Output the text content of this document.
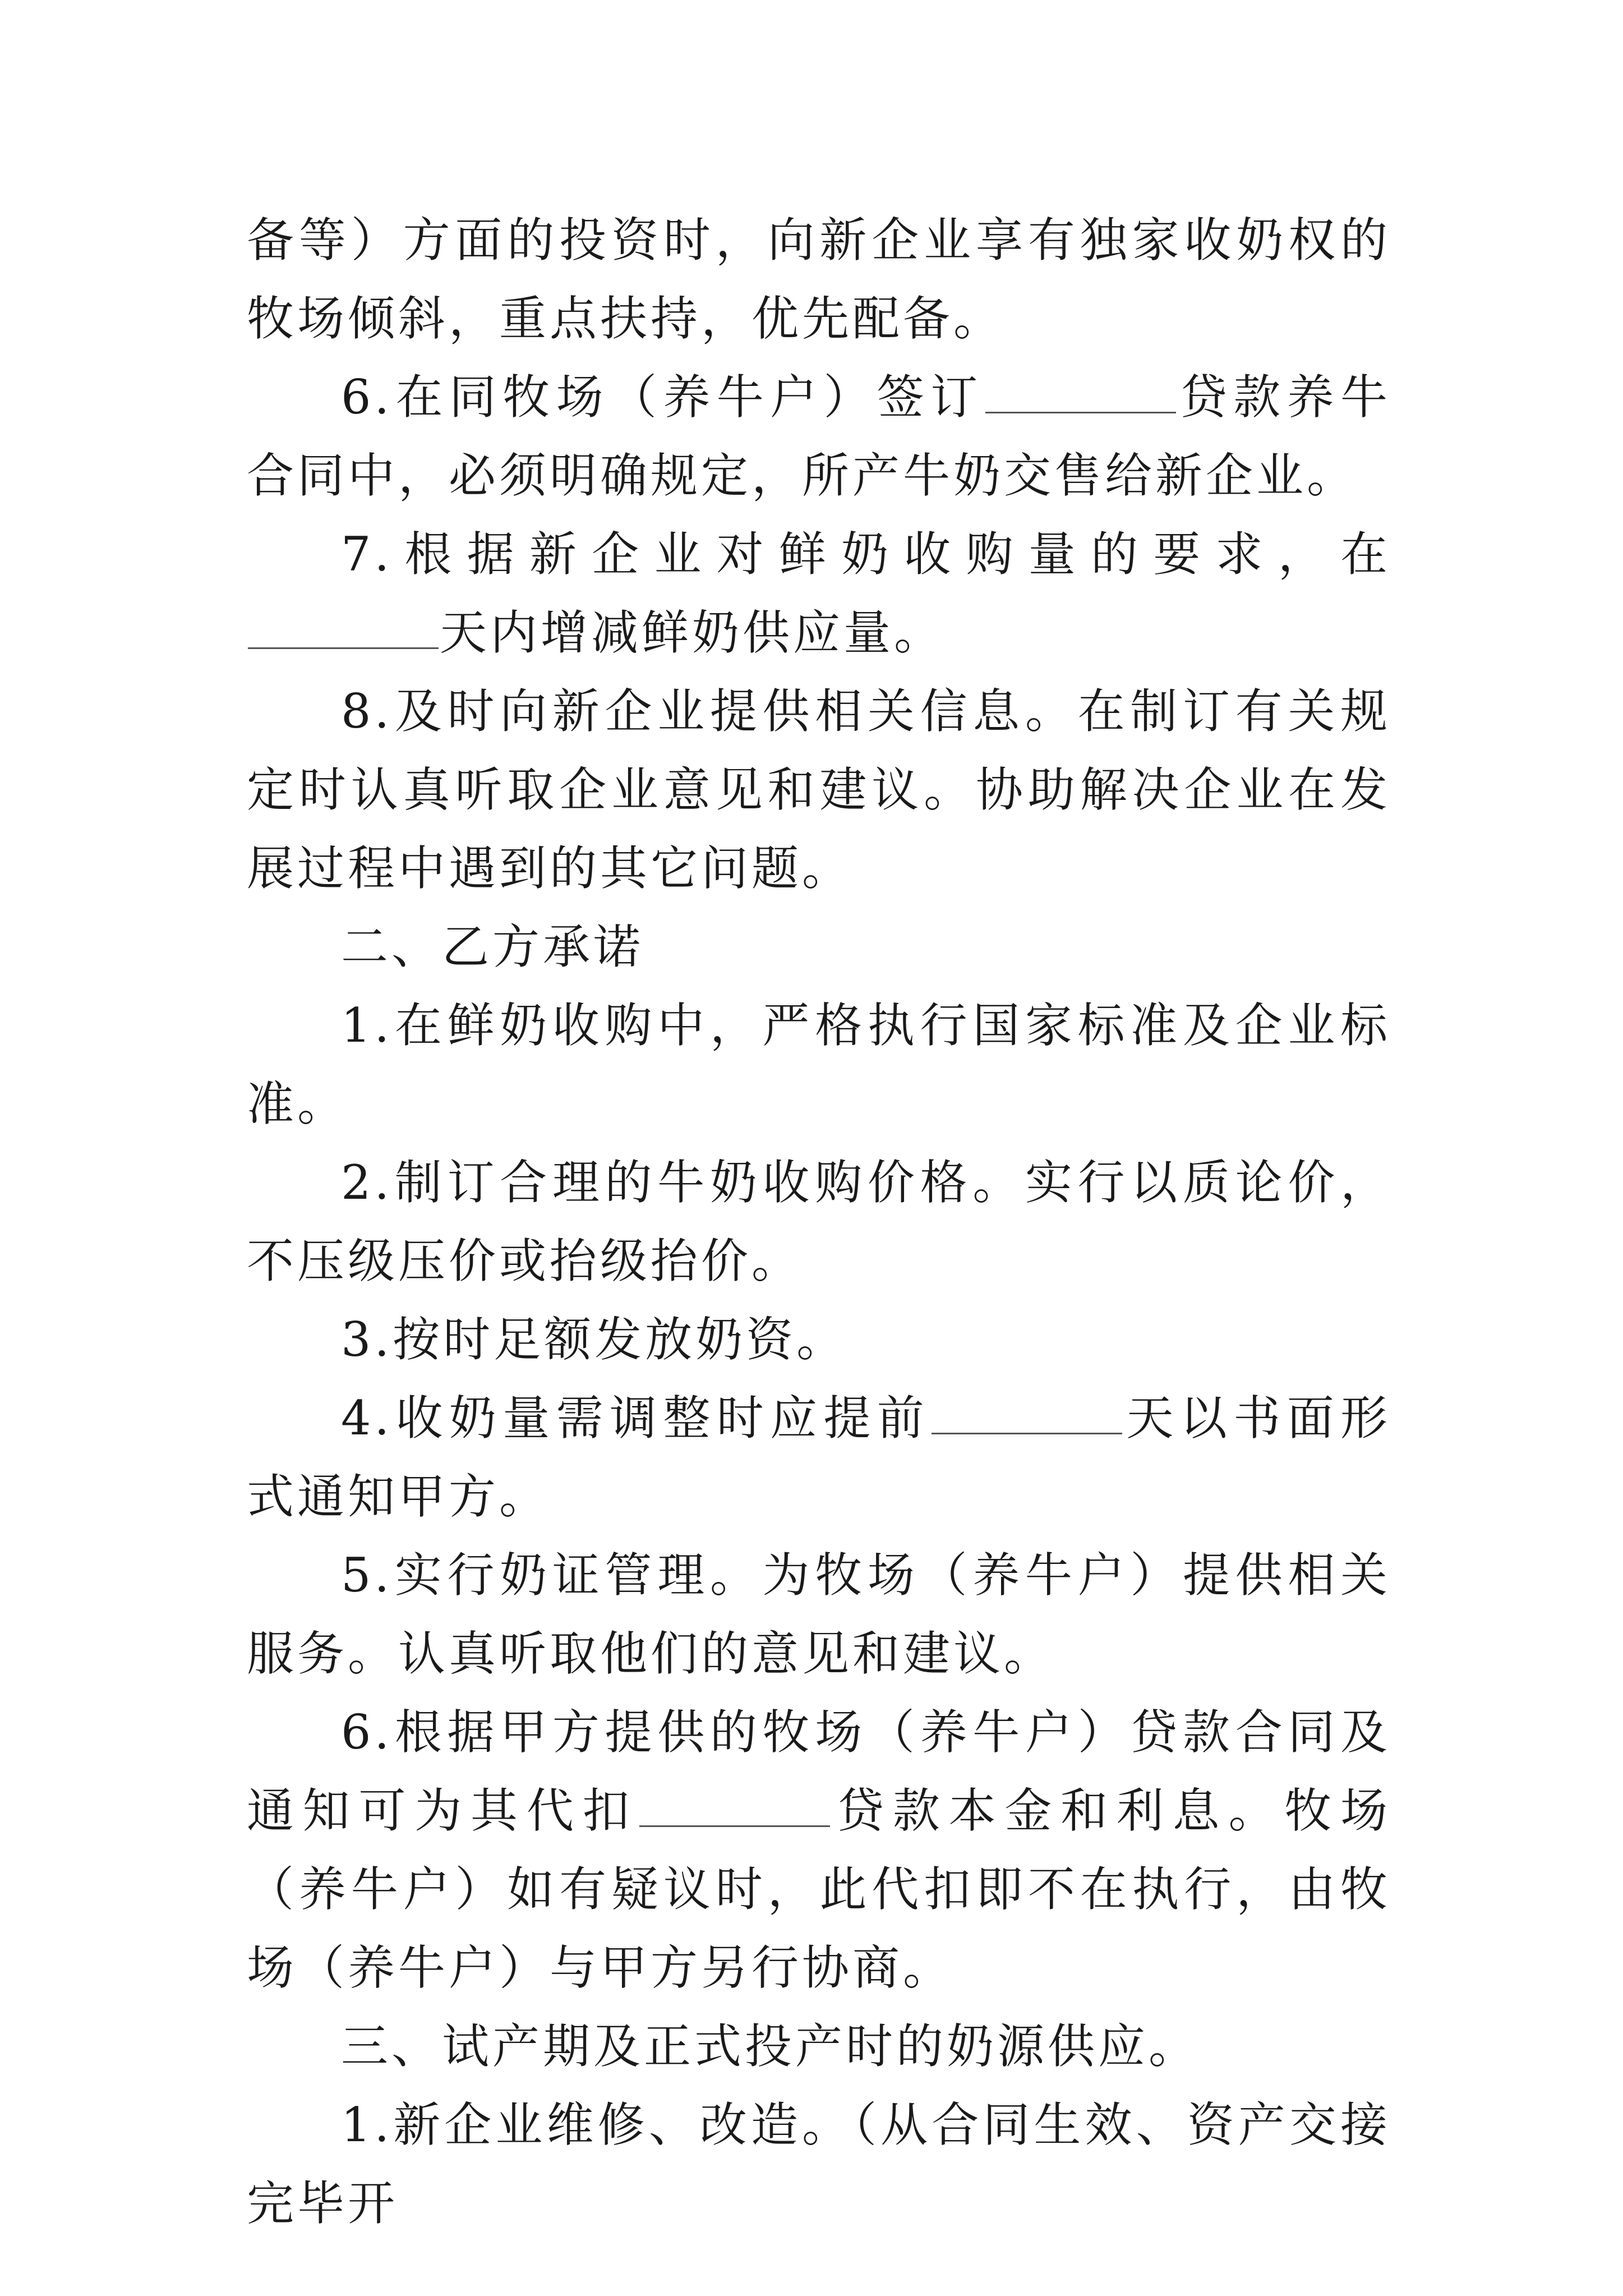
备等）方面的投资时，向新企业享有独家收奶权的牧场倾斜，重点扶持，优先配备。

6.在同牧场（养牛户）签订	贷款养牛合同中，必须明确规定，所产牛奶交售给新企业。

7.根据新企业对鲜奶收购量的要求，在天内增减鲜奶供应量。

8.及时向新企业提供相关信息。在制订有关规定时认真听取企业意见和建议。协助解决企业在发展过程中遇到的其它问题。

二、乙方承诺

1.在鲜奶收购中，严格执行国家标准及企业标准。

2.制订合理的牛奶收购价格。实行以质论价，不压级压价或抬级抬价。

3.按时足额发放奶资。

4.收奶量需调整时应提前	天以书面形式通知甲方。

5.实行奶证管理。为牧场（养牛户）提供相关服务。认真听取他们的意见和建议。

6.根据甲方提供的牧场（养牛户）贷款合同及通知可为其代扣	贷款本金和利息。牧场（养牛户）如有疑议时，此代扣即不在执行，由牧场（养牛户）与甲方另行协商。

三、试产期及正式投产时的奶源供应。

1.新企业维修、改造。（从合同生效、资产交接完毕开
